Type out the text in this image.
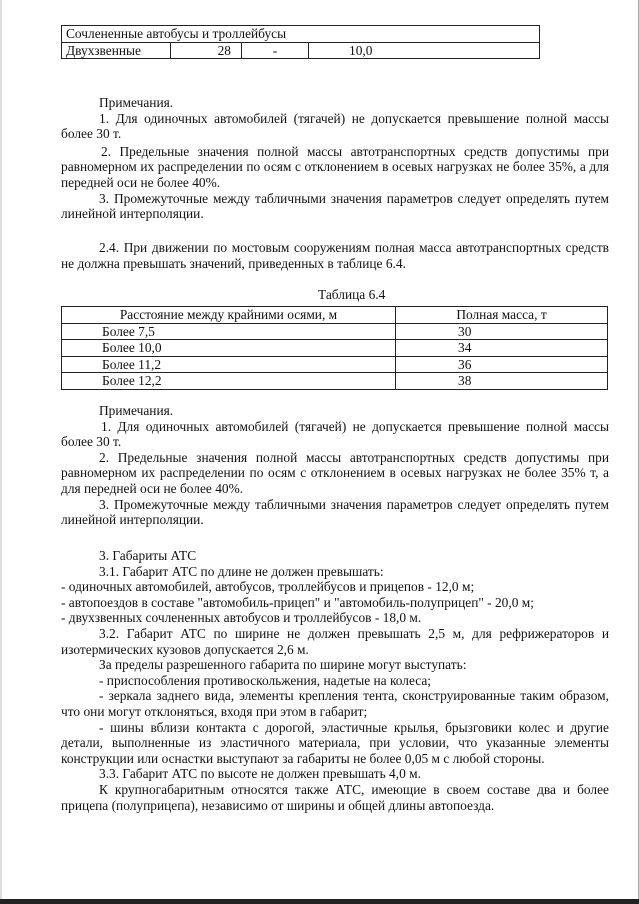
Сочлененные автобусы и троллейбусы
Двухзвенные	28	-	10,0

Примечания.

1. Для одиночных автомобилей (тягачей) не допускается превышение полной массы более 30 т.

2. Предельные значения полной массы автотранспортных средств допустимы при равномерном их распределении по осям с отклонением в осевых нагрузках не более 35%, а для передней оси не более 40%.

3. Промежуточные между табличными значения параметров следует определять путем линейной интерполяции.

2.4. При движении по мостовым сооружениям полная масса автотранспортных средств не должна превышать значений, приведенных в таблице 6.4.

Таблица 6.4
Расстояние между крайними осями, м	Полная масса, т
Более 7,5	30
Более 10,0	34
Более 11,2	36
Более 12,2	38

Примечания.

1. Для одиночных автомобилей (тягачей) не допускается превышение полной массы более 30 т.

2. Предельные значения полной массы автотранспортных средств допустимы при равномерном их распределении по осям с отклонением в осевых нагрузках не более 35% т, а для передней оси не более 40%.

3. Промежуточные между табличными значения параметров следует определять путем линейной интерполяции.

3. Габариты АТС

3.1. Габарит АТС по длине не должен превышать:

- одиночных автомобилей, автобусов, троллейбусов и прицепов - 12,0 м;

- автопоездов в составе "автомобиль-прицеп" и "автомобиль-полуприцеп" - 20,0 м;

- двухзвенных сочлененных автобусов и троллейбусов - 18,0 м.

3.2. Габарит АТС по ширине не должен превышать 2,5 м, для рефрижераторов и изотермических кузовов допускается 2,6 м.

За пределы разрешенного габарита по ширине могут выступать:

- приспособления противоскольжения, надетые на колеса;

- зеркала заднего вида, элементы крепления тента, сконструированные таким образом, что они могут отклоняться, входя при этом в габарит;

- шины вблизи контакта с дорогой, эластичные крылья, брызговики колес и другие детали, выполненные из эластичного материала, при условии, что указанные элементы конструкции или оснастки выступают за габариты не более 0,05 м с любой стороны.

3.3. Габарит АТС по высоте не должен превышать 4,0 м.

К крупногабаритным относятся также АТС, имеющие в своем составе два и более прицепа (полуприцепа), независимо от ширины и общей длины автопоезда.
